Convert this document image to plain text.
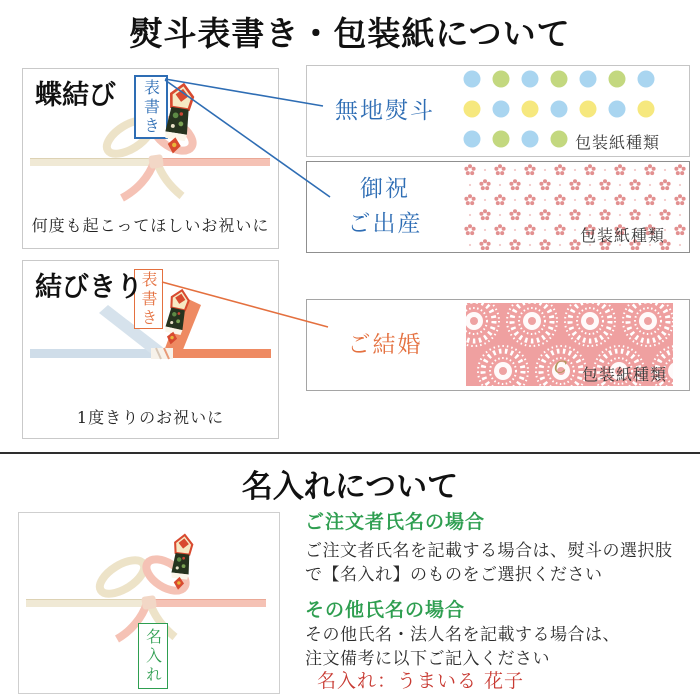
熨斗表書き・包装紙について
蝶結び 表書き
何度も起こってほしいお祝いに
結びきり
表書き
1度きりのお祝いに
無地熨斗
包装紙種類
御祝
ご出産	包装紙種類
ご結婚
C 包装紙種類
名入れについて
名入れ
ご注文者氏名の場合
ご注文者氏名を記載する場合は、熨斗の選択肢
で【名入れ】のものをご選択ください
その他氏名の場合
その他氏名・法人名を記載する場合は、
注文備考に以下ご記入ください
名入れ：うまいる 花子
